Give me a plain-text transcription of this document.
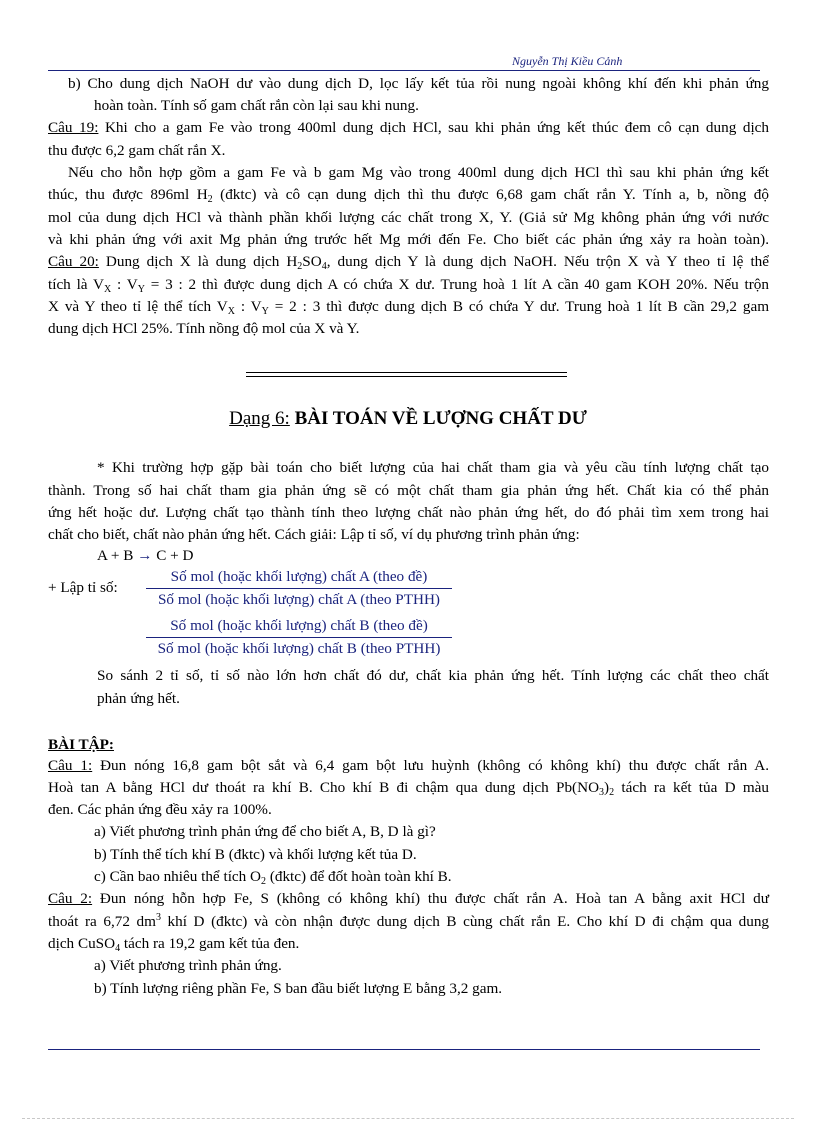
Nguyễn Thị Kiều Cảnh
b) Cho dung dịch NaOH dư vào dung dịch D, lọc lấy kết tủa rồi nung ngoài không khí đến khi phản ứng
hoàn toàn. Tính số gam chất rắn còn lại sau khi nung.
Câu 19: Khi cho a gam Fe vào trong 400ml dung dịch HCl, sau khi phản ứng kết thúc đem cô cạn dung dịch
thu được 6,2 gam chất rắn X.
Nếu cho hỗn hợp gồm a gam Fe và b gam Mg vào trong 400ml dung dịch HCl thì sau khi phản ứng kết
thúc, thu được 896ml $H_2$ (đktc) và cô cạn dung dịch thì thu được 6,68 gam chất rắn Y. Tính a, b, nồng độ
mol của dung dịch HCl và thành phần khối lượng các chất trong X, Y. (Giả sử Mg không phản ứng với nước
và khi phản ứng với axit Mg phản ứng trước hết Mg mới đến Fe. Cho biết các phản ứng xảy ra hoàn toàn).
Câu 20: Dung dịch X là dung dịch $H_2SO_4$, dung dịch Y là dung dịch NaOH. Nếu trộn X và Y theo tỉ lệ thể
tích là $V_X$ : $V_Y = 3$ : 2 thì được dung dịch A có chứa X dư. Trung hoà 1 lít A cần 40 gam KOH 20%. Nếu trộn
X và Y theo tỉ lệ thể tích $V_X$ : $V_Y = 2$ : 3 thì được dung dịch B có chứa Y dư. Trung hoà 1 lít B cần 29,2 gam
dung dịch HCl 25%. Tính nồng độ mol của X và Y.
Dạng 6: BÀI TOÁN VỀ LƯỢNG CHẤT DƯ
* Khi trường hợp gặp bài toán cho biết lượng của hai chất tham gia và yêu cầu tính lượng chất tạo
thành. Trong số hai chất tham gia phản ứng sẽ có một chất tham gia phản ứng hết. Chất kia có thể phản
ứng hết hoặc dư. Lượng chất tạo thành tính theo lượng chất nào phản ứng hết, do đó phải tìm xem trong hai
chất cho biết, chất nào phản ứng hết. Cách giải: Lập tỉ số, ví dụ phương trình phản ứng:
A + B → C + D
+ Lập tỉ số:
Số mol (hoặc khối lượng) chất A (theo đề)
Số mol (hoặc khối lượng) chất A (theo PTHH)
Số mol (hoặc khối lượng) chất B (theo đề)
Số mol (hoặc khối lượng) chất B (theo PTHH)
So sánh 2 tỉ số, tỉ số nào lớn hơn chất đó dư, chất kia phản ứng hết. Tính lượng các chất theo chất
phản ứng hết.
BÀI TẬP:
Câu 1: Đun nóng 16,8 gam bột sắt và 6,4 gam bột lưu huỳnh (không có không khí) thu được chất rắn A.
Hoà tan A bằng HCl dư thoát ra khí B. Cho khí B đi chậm qua dung dịch $Pb(NO_3)_2$ tách ra kết tủa D màu
đen. Các phản ứng đều xảy ra 100%.
a) Viết phương trình phản ứng để cho biết A, B, D là gì?
b) Tính thể tích khí B (đktc) và khối lượng kết tủa D.
c) Cần bao nhiêu thể tích $O_2$ (đktc) để đốt hoàn toàn khí B.
Câu 2: Đun nóng hỗn hợp Fe, S (không có không khí) thu được chất rắn A. Hoà tan A bằng axit HCl dư
thoát ra 6,72 $dm^3$ khí D (đktc) và còn nhận được dung dịch B cùng chất rắn E. Cho khí D đi chậm qua dung
dịch CuSO$_4$ tách ra 19,2 gam kết tủa đen.
a) Viết phương trình phản ứng.
b) Tính lượng riêng phần Fe, S ban đầu biết lượng E bằng 3,2 gam.
